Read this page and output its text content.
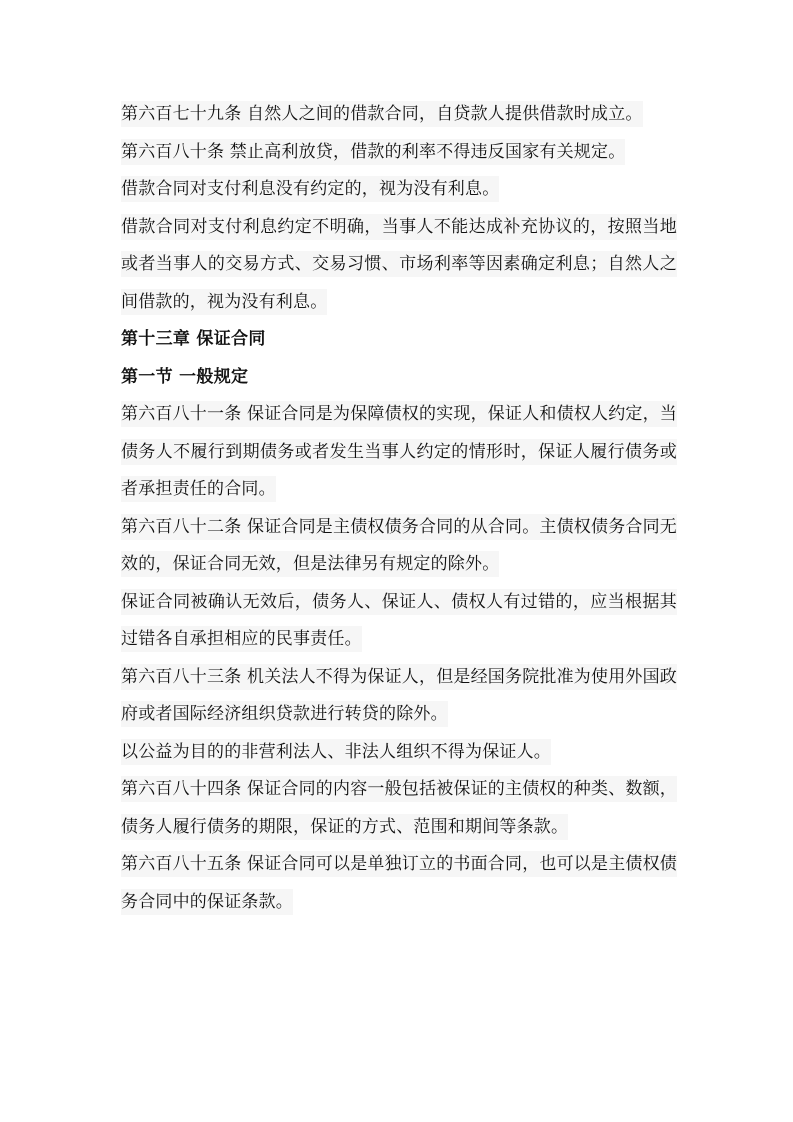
第六百七十九条 自然人之间的借款合同，自贷款人提供借款时成立。

第六百八十条 禁止高利放贷，借款的利率不得违反国家有关规定。

借款合同对支付利息没有约定的，视为没有利息。

借款合同对支付利息约定不明确，当事人不能达成补充协议的，按照当地或者当事人的交易方式、交易习惯、市场利率等因素确定利息；自然人之间借款的，视为没有利息。

第十三章 保证合同

第一节 一般规定

第六百八十一条 保证合同是为保障债权的实现，保证人和债权人约定，当债务人不履行到期债务或者发生当事人约定的情形时，保证人履行债务或者承担责任的合同。

第六百八十二条 保证合同是主债权债务合同的从合同。主债权债务合同无效的，保证合同无效，但是法律另有规定的除外。

保证合同被确认无效后，债务人、保证人、债权人有过错的，应当根据其过错各自承担相应的民事责任。

第六百八十三条 机关法人不得为保证人，但是经国务院批准为使用外国政府或者国际经济组织贷款进行转贷的除外。

以公益为目的的非营利法人、非法人组织不得为保证人。

第六百八十四条 保证合同的内容一般包括被保证的主债权的种类、数额，债务人履行债务的期限，保证的方式、范围和期间等条款。

第六百八十五条 保证合同可以是单独订立的书面合同，也可以是主债权债务合同中的保证条款。
